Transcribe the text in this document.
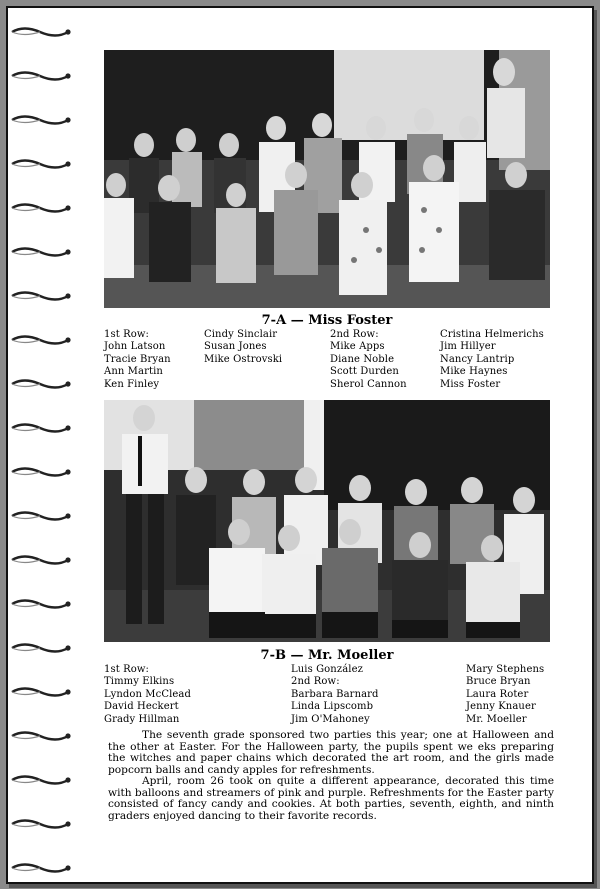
7-A — Miss Foster
1st Row:
John Latson
Tracie Bryan
Ann Martin
Ken Finley
Cindy Sinclair
Susan Jones
Mike Ostrovski
2nd Row:
Mike Apps
Diane Noble
Scott Durden
Sherol Cannon
Cristina Helmerichs
Jim Hillyer
Nancy Lantrip
Mike Haynes
Miss Foster
7-B — Mr. Moeller
1st Row:
Timmy Elkins
Lyndon McClead
David Heckert
Grady Hillman
Luis González
2nd Row:
Barbara Barnard
Linda Lipscomb
Jim O'Mahoney
Mary Stephens
Bruce Bryan
Laura Roter
Jenny Knauer
Mr. Moeller

The seventh grade sponsored two parties this year; one at Halloween and the other at Easter. For the Halloween party, the pupils spent we eks preparing the witches and paper chains which decorated the art room, and the girls made popcorn balls and candy apples for refreshments.

April, room 26 took on quite a different appearance, decorated this time with balloons and streamers of pink and purple. Refreshments for the Easter party consisted of fancy candy and cookies. At both parties, seventh, eighth, and ninth graders enjoyed dancing to their favorite records.
